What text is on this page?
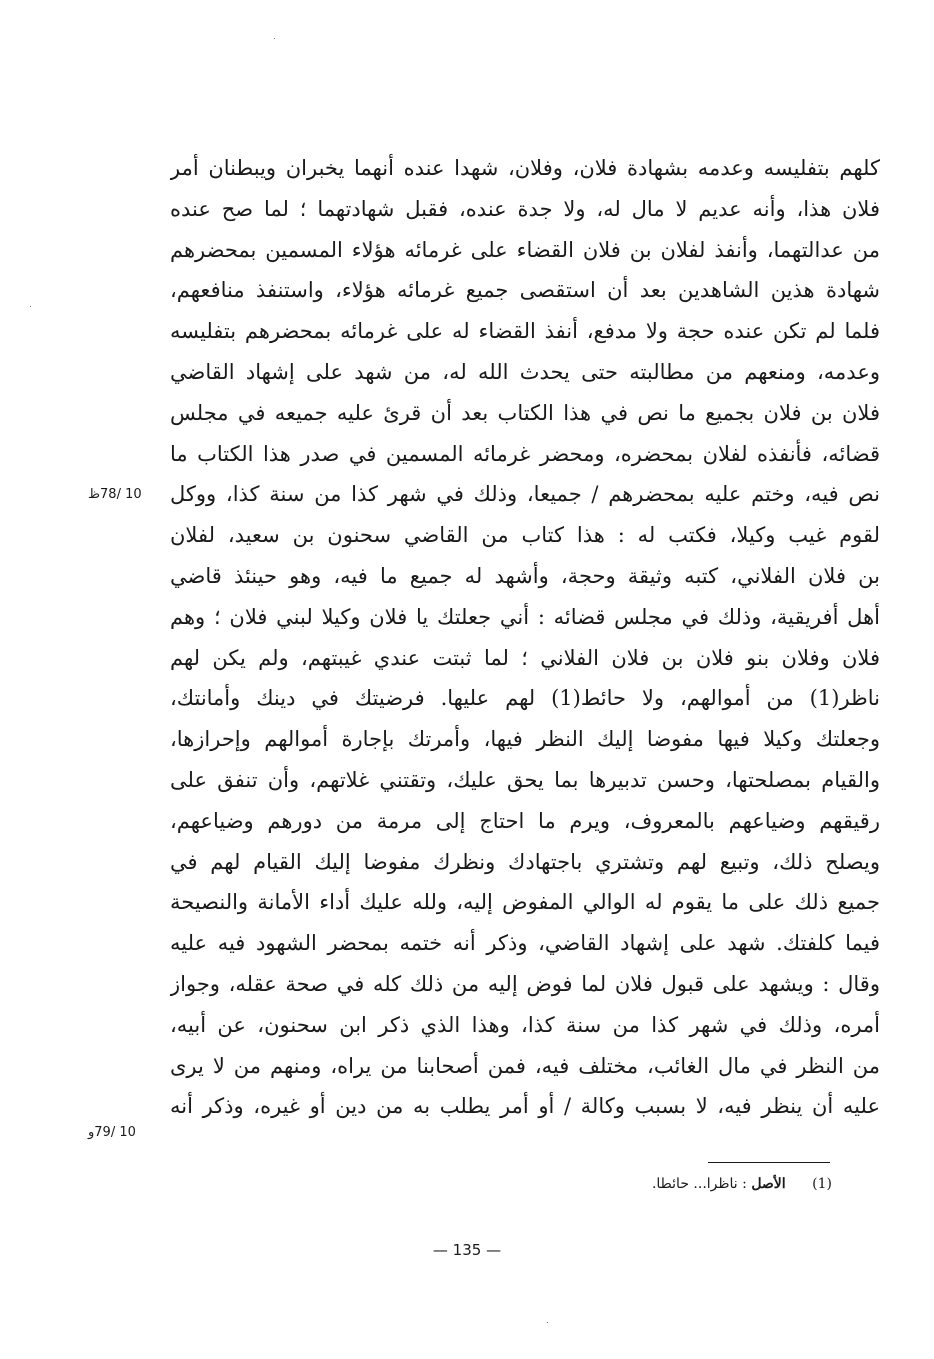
كلهم بتفليسه وعدمه بشهادة فلان، وفلان، شهدا عنده أنهما يخبران ويبطنان أمر
فلان هذا، وأنه عديم لا مال له، ولا جدة عنده، فقبل شهادتهما ؛ لما صح عنده
من عدالتهما، وأنفذ لفلان بن فلان القضاء على غرمائه هؤلاء المسمين بمحضرهم
شهادة هذين الشاهدين بعد أن استقصى جميع غرمائه هؤلاء، واستنفذ منافعهم،
فلما لم تكن عنده حجة ولا مدفع، أنفذ القضاء له على غرمائه بمحضرهم بتفليسه
وعدمه، ومنعهم من مطالبته حتى يحدث الله له، من شهد على إشهاد القاضي
فلان بن فلان بجميع ما نص في هذا الكتاب بعد أن قرئ عليه جميعه في مجلس
قضائه، فأنفذه لفلان بمحضره، ومحضر غرمائه المسمين في صدر هذا الكتاب ما
نص فيه، وختم عليه بمحضرهم / جميعا، وذلك في شهر كذا من سنة كذا، ووكل
لقوم غيب وكيلا، فكتب له : هذا كتاب من القاضي سحنون بن سعيد، لفلان
بن فلان الفلاني، كتبه وثيقة وحجة، وأشهد له جميع ما فيه، وهو حينئذ قاضي
أهل أفريقية، وذلك في مجلس قضائه : أني جعلتك يا فلان وكيلا لبني فلان ؛ وهم
فلان وفلان بنو فلان بن فلان الفلاني ؛ لما ثبتت عندي غيبتهم، ولم يكن لهم
ناظر(1) من أموالهم، ولا حائط(1) لهم عليها. فرضيتك في دينك وأمانتك،
وجعلتك وكيلا فيها مفوضا إليك النظر فيها، وأمرتك بإجارة أموالهم وإحرازها،
والقيام بمصلحتها، وحسن تدبيرها بما يحق عليك، وتقتني غلاتهم، وأن تنفق على
رقيقهم وضياعهم بالمعروف، ويرم ما احتاج إلى مرمة من دورهم وضياعهم،
ويصلح ذلك، وتبيع لهم وتشتري باجتهادك ونظرك مفوضا إليك القيام لهم في
جميع ذلك على ما يقوم له الوالي المفوض إليه، ولله عليك أداء الأمانة والنصيحة
فيما كلفتك. شهد على إشهاد القاضي، وذكر أنه ختمه بمحضر الشهود فيه عليه
وقال : ويشهد على قبول فلان لما فوض إليه من ذلك كله في صحة عقله، وجواز
أمره، وذلك في شهر كذا من سنة كذا، وهذا الذي ذكر ابن سحنون، عن أبيه،
من النظر في مال الغائب، مختلف فيه، فمن أصحابنا من يراه، ومنهم من لا يرى
عليه أن ينظر فيه، لا بسبب وكالة / أو أمر يطلب به من دين أو غيره، وذكر أنه
10 /78ظ
10 /79و
(1) الأصل : ناظرا... حائطا.
— 135 —
